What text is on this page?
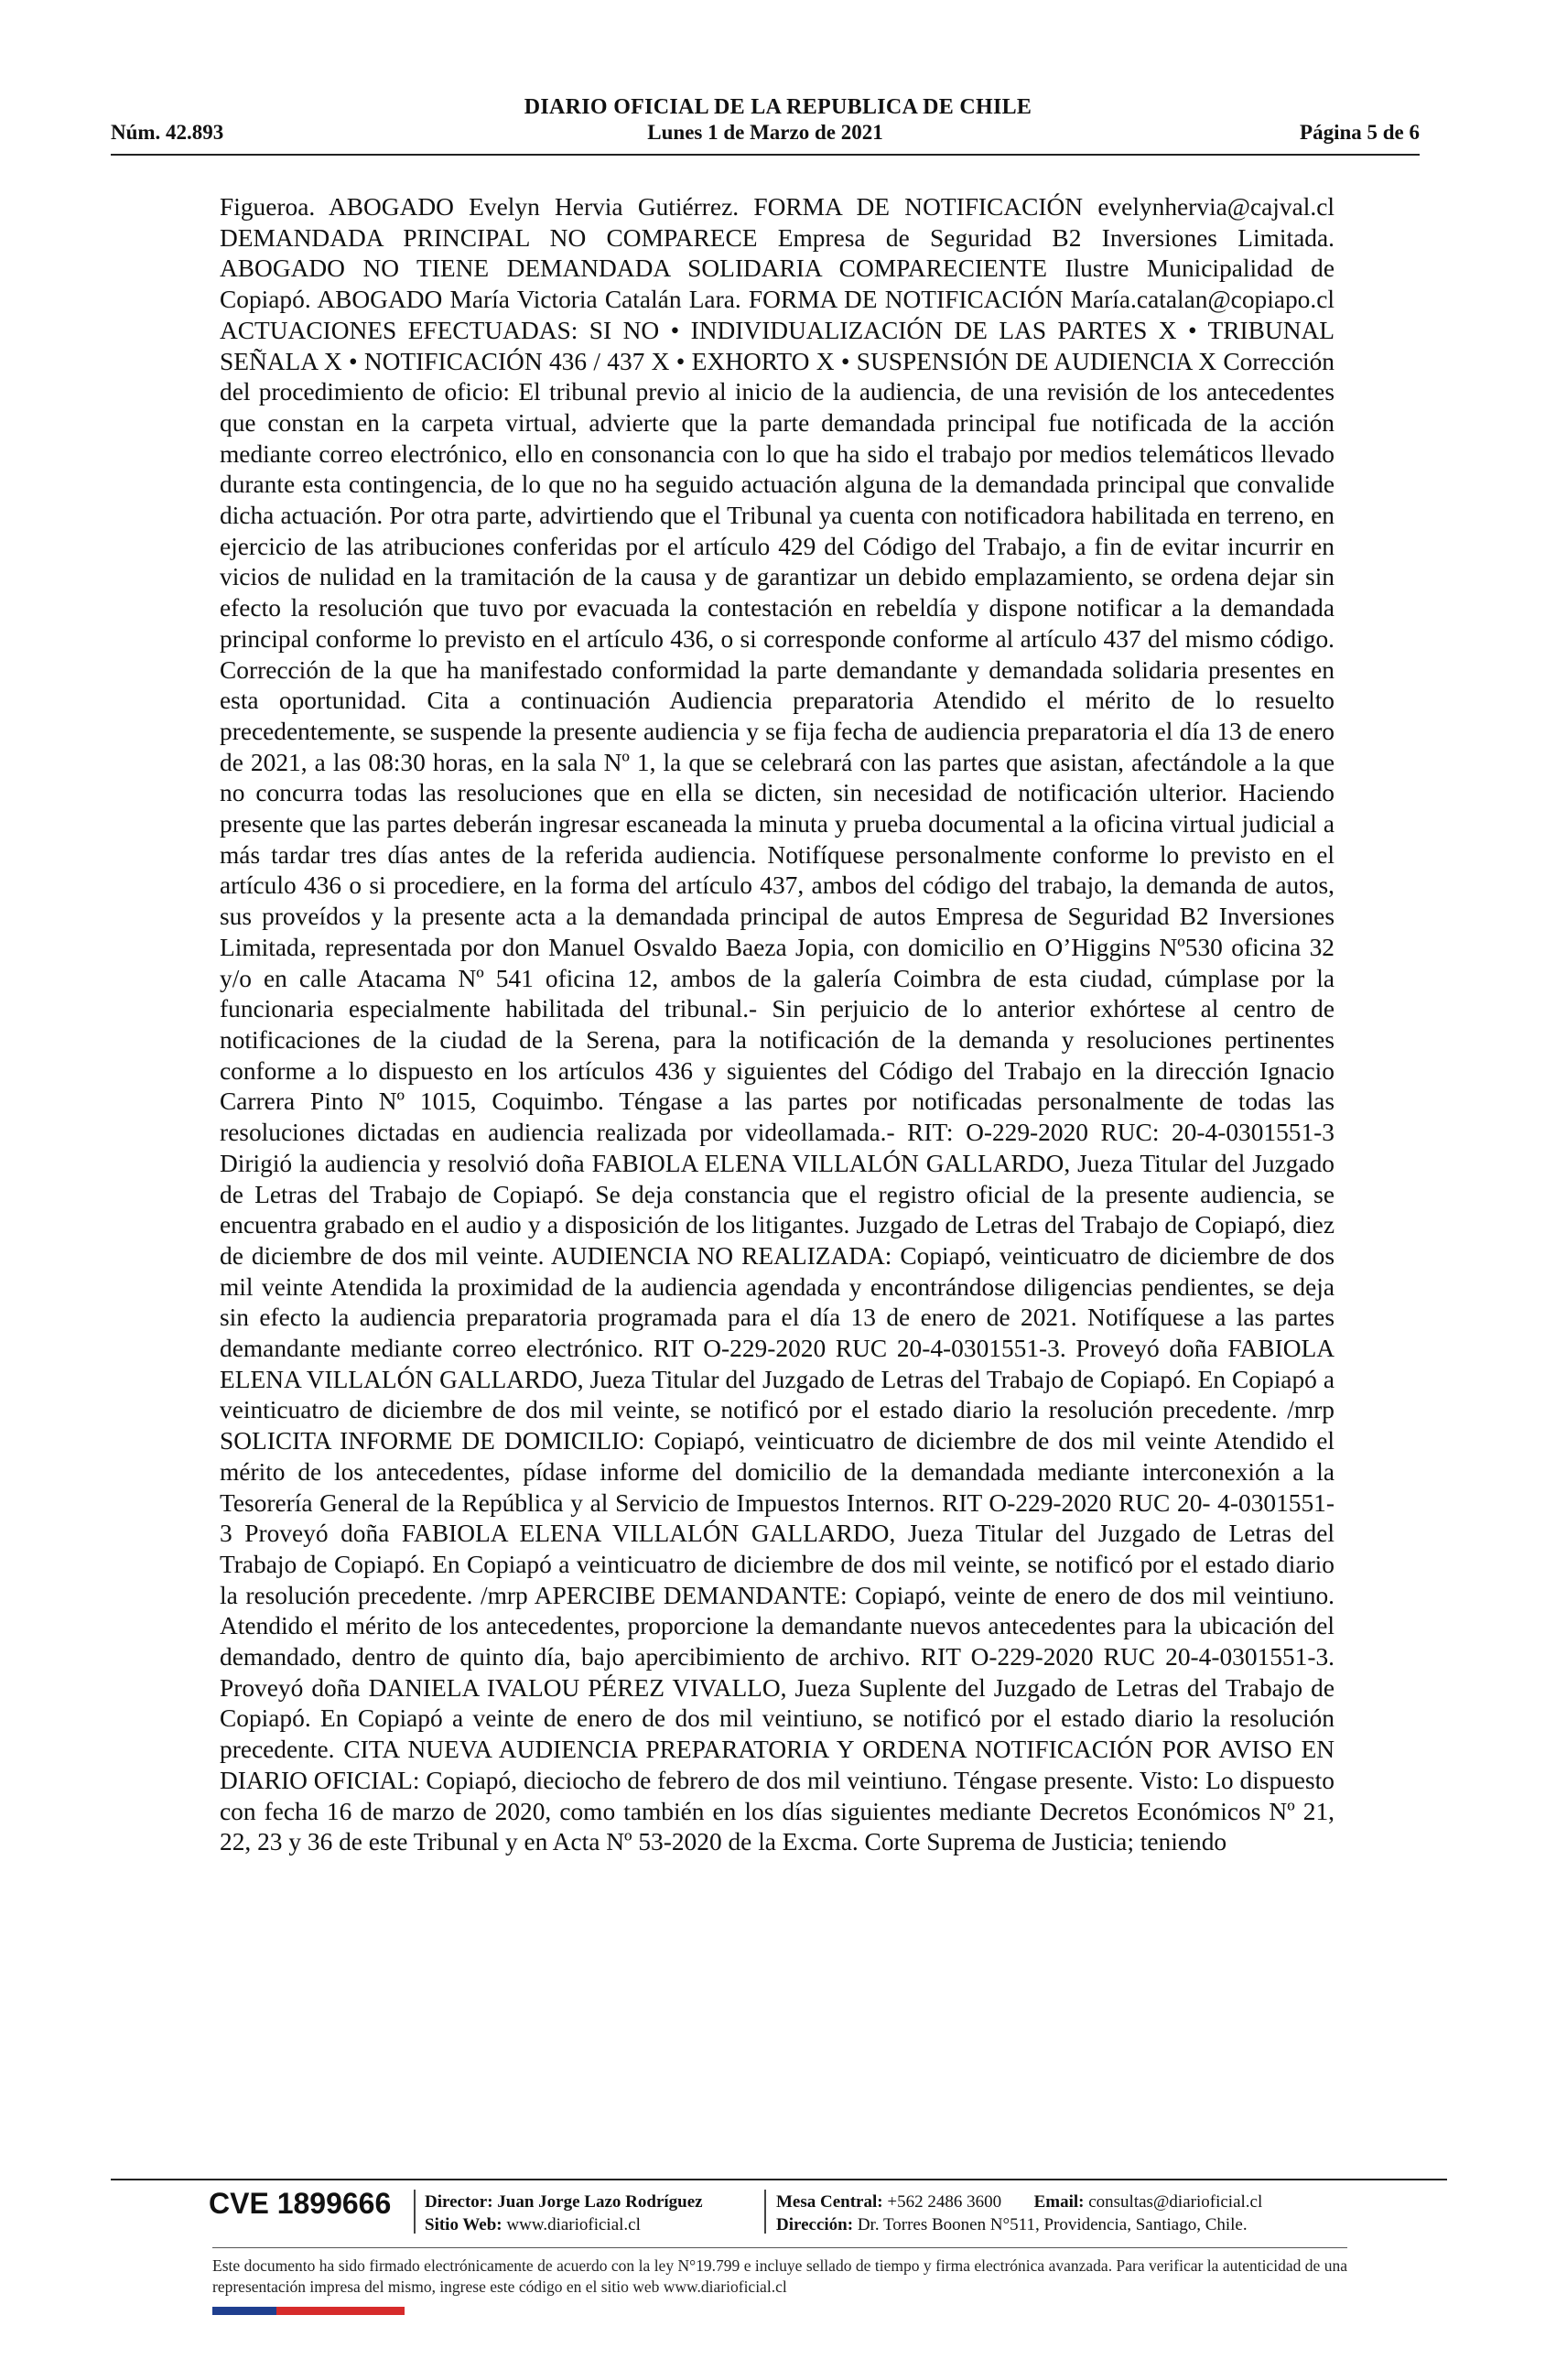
DIARIO OFICIAL DE LA REPUBLICA DE CHILE
Núm. 42.893	Lunes 1 de Marzo de 2021	Página 5 de 6

Figueroa. ABOGADO Evelyn Hervia Gutiérrez. FORMA DE NOTIFICACIÓN evelynhervia@cajval.cl DEMANDADA PRINCIPAL NO COMPARECE Empresa de Seguridad B2 Inversiones Limitada. ABOGADO NO TIENE DEMANDADA SOLIDARIA COMPARECIENTE Ilustre Municipalidad de Copiapó. ABOGADO María Victoria Catalán Lara. FORMA DE NOTIFICACIÓN María.catalan@copiapo.cl ACTUACIONES EFECTUADAS: SI NO • INDIVIDUALIZACIÓN DE LAS PARTES X • TRIBUNAL SEÑALA X • NOTIFICACIÓN 436 / 437 X • EXHORTO X • SUSPENSIÓN DE AUDIENCIA X Corrección del procedimiento de oficio: El tribunal previo al inicio de la audiencia, de una revisión de los antecedentes que constan en la carpeta virtual, advierte que la parte demandada principal fue notificada de la acción mediante correo electrónico, ello en consonancia con lo que ha sido el trabajo por medios telemáticos llevado durante esta contingencia, de lo que no ha seguido actuación alguna de la demandada principal que convalide dicha actuación. Por otra parte, advirtiendo que el Tribunal ya cuenta con notificadora habilitada en terreno, en ejercicio de las atribuciones conferidas por el artículo 429 del Código del Trabajo, a fin de evitar incurrir en vicios de nulidad en la tramitación de la causa y de garantizar un debido emplazamiento, se ordena dejar sin efecto la resolución que tuvo por evacuada la contestación en rebeldía y dispone notificar a la demandada principal conforme lo previsto en el artículo 436, o si corresponde conforme al artículo 437 del mismo código. Corrección de la que ha manifestado conformidad la parte demandante y demandada solidaria presentes en esta oportunidad. Cita a continuación Audiencia preparatoria Atendido el mérito de lo resuelto precedentemente, se suspende la presente audiencia y se fija fecha de audiencia preparatoria el día 13 de enero de 2021, a las 08:30 horas, en la sala Nº 1, la que se celebrará con las partes que asistan, afectándole a la que no concurra todas las resoluciones que en ella se dicten, sin necesidad de notificación ulterior. Haciendo presente que las partes deberán ingresar escaneada la minuta y prueba documental a la oficina virtual judicial a más tardar tres días antes de la referida audiencia. Notifíquese personalmente conforme lo previsto en el artículo 436 o si procediere, en la forma del artículo 437, ambos del código del trabajo, la demanda de autos, sus proveídos y la presente acta a la demandada principal de autos Empresa de Seguridad B2 Inversiones Limitada, representada por don Manuel Osvaldo Baeza Jopia, con domicilio en O’Higgins Nº530 oficina 32 y/o en calle Atacama Nº 541 oficina 12, ambos de la galería Coimbra de esta ciudad, cúmplase por la funcionaria especialmente habilitada del tribunal.- Sin perjuicio de lo anterior exhórtese al centro de notificaciones de la ciudad de la Serena, para la notificación de la demanda y resoluciones pertinentes conforme a lo dispuesto en los artículos 436 y siguientes del Código del Trabajo en la dirección Ignacio Carrera Pinto Nº 1015, Coquimbo. Téngase a las partes por notificadas personalmente de todas las resoluciones dictadas en audiencia realizada por videollamada.- RIT: O-229-2020 RUC: 20-4-0301551-3 Dirigió la audiencia y resolvió doña FABIOLA ELENA VILLALÓN GALLARDO, Jueza Titular del Juzgado de Letras del Trabajo de Copiapó. Se deja constancia que el registro oficial de la presente audiencia, se encuentra grabado en el audio y a disposición de los litigantes. Juzgado de Letras del Trabajo de Copiapó, diez de diciembre de dos mil veinte. AUDIENCIA NO REALIZADA: Copiapó, veinticuatro de diciembre de dos mil veinte Atendida la proximidad de la audiencia agendada y encontrándose diligencias pendientes, se deja sin efecto la audiencia preparatoria programada para el día 13 de enero de 2021. Notifíquese a las partes demandante mediante correo electrónico. RIT O-229-2020 RUC 20-4-0301551-3. Proveyó doña FABIOLA ELENA VILLALÓN GALLARDO, Jueza Titular del Juzgado de Letras del Trabajo de Copiapó. En Copiapó a veinticuatro de diciembre de dos mil veinte, se notificó por el estado diario la resolución precedente. /mrp SOLICITA INFORME DE DOMICILIO: Copiapó, veinticuatro de diciembre de dos mil veinte Atendido el mérito de los antecedentes, pídase informe del domicilio de la demandada mediante interconexión a la Tesorería General de la República y al Servicio de Impuestos Internos. RIT O-229-2020 RUC 20- 4-0301551-3 Proveyó doña FABIOLA ELENA VILLALÓN GALLARDO, Jueza Titular del Juzgado de Letras del Trabajo de Copiapó. En Copiapó a veinticuatro de diciembre de dos mil veinte, se notificó por el estado diario la resolución precedente. /mrp APERCIBE DEMANDANTE: Copiapó, veinte de enero de dos mil veintiuno. Atendido el mérito de los antecedentes, proporcione la demandante nuevos antecedentes para la ubicación del demandado, dentro de quinto día, bajo apercibimiento de archivo. RIT O-229-2020 RUC 20-4-0301551-3. Proveyó doña DANIELA IVALOU PÉREZ VIVALLO, Jueza Suplente del Juzgado de Letras del Trabajo de Copiapó. En Copiapó a veinte de enero de dos mil veintiuno, se notificó por el estado diario la resolución precedente. CITA NUEVA AUDIENCIA PREPARATORIA Y ORDENA NOTIFICACIÓN POR AVISO EN DIARIO OFICIAL: Copiapó, dieciocho de febrero de dos mil veintiuno. Téngase presente. Visto: Lo dispuesto con fecha 16 de marzo de 2020, como también en los días siguientes mediante Decretos Económicos Nº 21, 22, 23 y 36 de este Tribunal y en Acta Nº 53-2020 de la Excma. Corte Suprema de Justicia; teniendo

CVE 1899666 Director: Juan Jorge Lazo Rodríguez
Sitio Web: www.diarioficial.cl
Mesa Central: +562 2486 3600 Email: consultas@diarioficial.cl
Dirección: Dr. Torres Boonen N°511, Providencia, Santiago, Chile.
Este documento ha sido firmado electrónicamente de acuerdo con la ley N°19.799 e incluye sellado de tiempo y firma electrónica avanzada. Para verificar la autenticidad de una representación impresa del mismo, ingrese este código en el sitio web www.diarioficial.cl
